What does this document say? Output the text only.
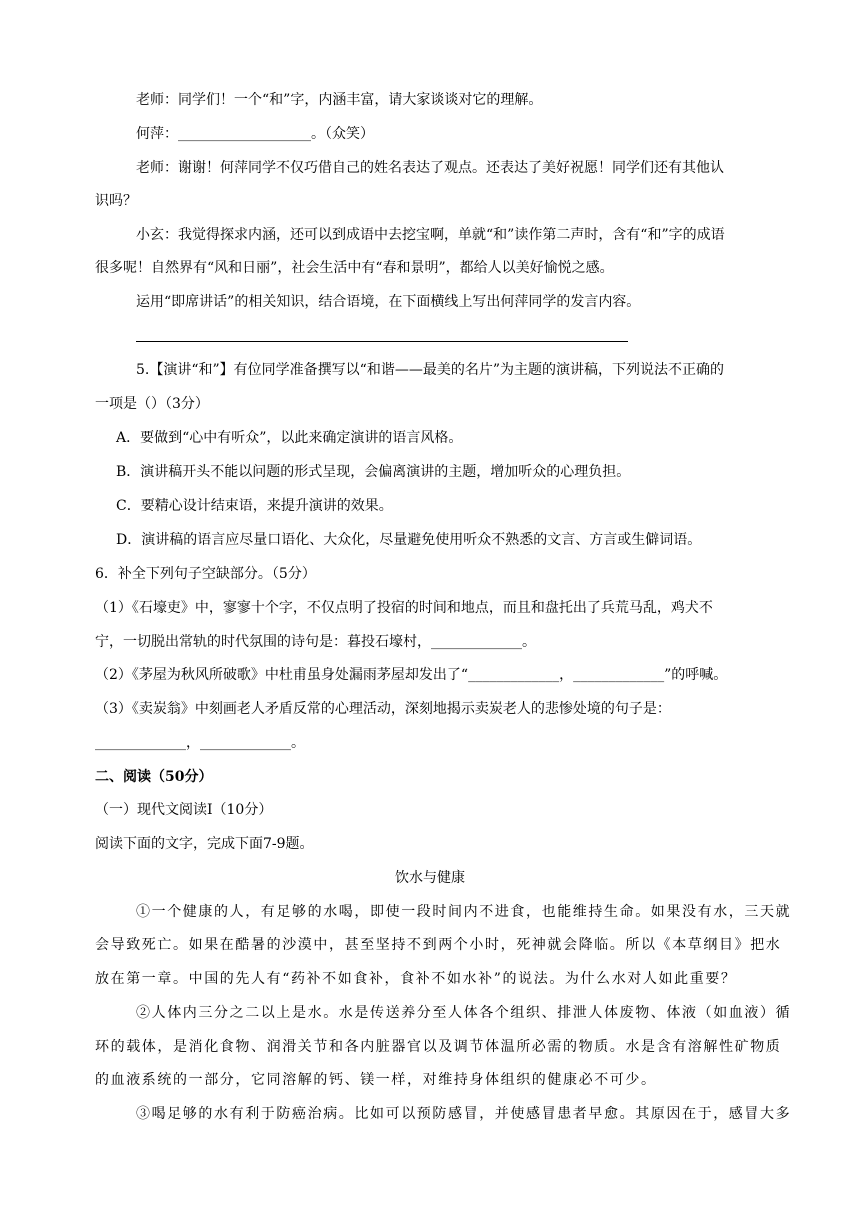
老师：同学们！一个“和”字，内涵丰富，请大家谈谈对它的理解。
何萍：___________________。（众笑）
老师：谢谢！何萍同学不仅巧借自己的姓名表达了观点。还表达了美好祝愿！同学们还有其他认
识吗？
小玄：我觉得探求内涵，还可以到成语中去挖宝啊，单就“和”读作第二声时，含有“和”字的成语
很多呢！自然界有“风和日丽”，社会生活中有“春和景明”，都给人以美好愉悦之感。
运用“即席讲话”的相关知识，结合语境，在下面横线上写出何萍同学的发言内容。
5.【演讲“和”】有位同学准备撰写以“和谐——最美的名片”为主题的演讲稿，下列说法不正确的
一项是（）（3分）
A．要做到“心中有听众”，以此来确定演讲的语言风格。
B．演讲稿开头不能以问题的形式呈现，会偏离演讲的主题，增加听众的心理负担。
C．要精心设计结束语，来提升演讲的效果。
D．演讲稿的语言应尽量口语化、大众化，尽量避免使用听众不熟悉的文言、方言或生僻词语。
6．补全下列句子空缺部分。（5分）
（1）《石壕吏》中，寥寥十个字，不仅点明了投宿的时间和地点，而且和盘托出了兵荒马乱，鸡犬不
宁，一切脱出常轨的时代氛围的诗句是：暮投石壕村，_____________。
（2）《茅屋为秋风所破歌》中杜甫虽身处漏雨茅屋却发出了“_____________，_____________”的呼喊。
（3）《卖炭翁》中刻画老人矛盾反常的心理活动，深刻地揭示卖炭老人的悲惨处境的句子是：
_____________，_____________。
二、阅读（50分）
（一）现代文阅读Ⅰ（10分）
阅读下面的文字，完成下面7-9题。
饮水与健康
①一个健康的人，有足够的水喝，即使一段时间内不进食，也能维持生命。如果没有水，三天就
会导致死亡。如果在酷暑的沙漠中，甚至坚持不到两个小时，死神就会降临。所以《本草纲目》把水
放在第一章。中国的先人有“药补不如食补，食补不如水补”的说法。为什么水对人如此重要？
②人体内三分之二以上是水。水是传送养分至人体各个组织、排泄人体废物、体液（如血液）循
环的载体，是消化食物、润滑关节和各内脏器官以及调节体温所必需的物质。水是含有溶解性矿物质
的血液系统的一部分，它同溶解的钙、镁一样，对维持身体组织的健康必不可少。
③喝足够的水有利于防癌治病。比如可以预防感冒，并使感冒患者早愈。其原因在于，感冒大多
